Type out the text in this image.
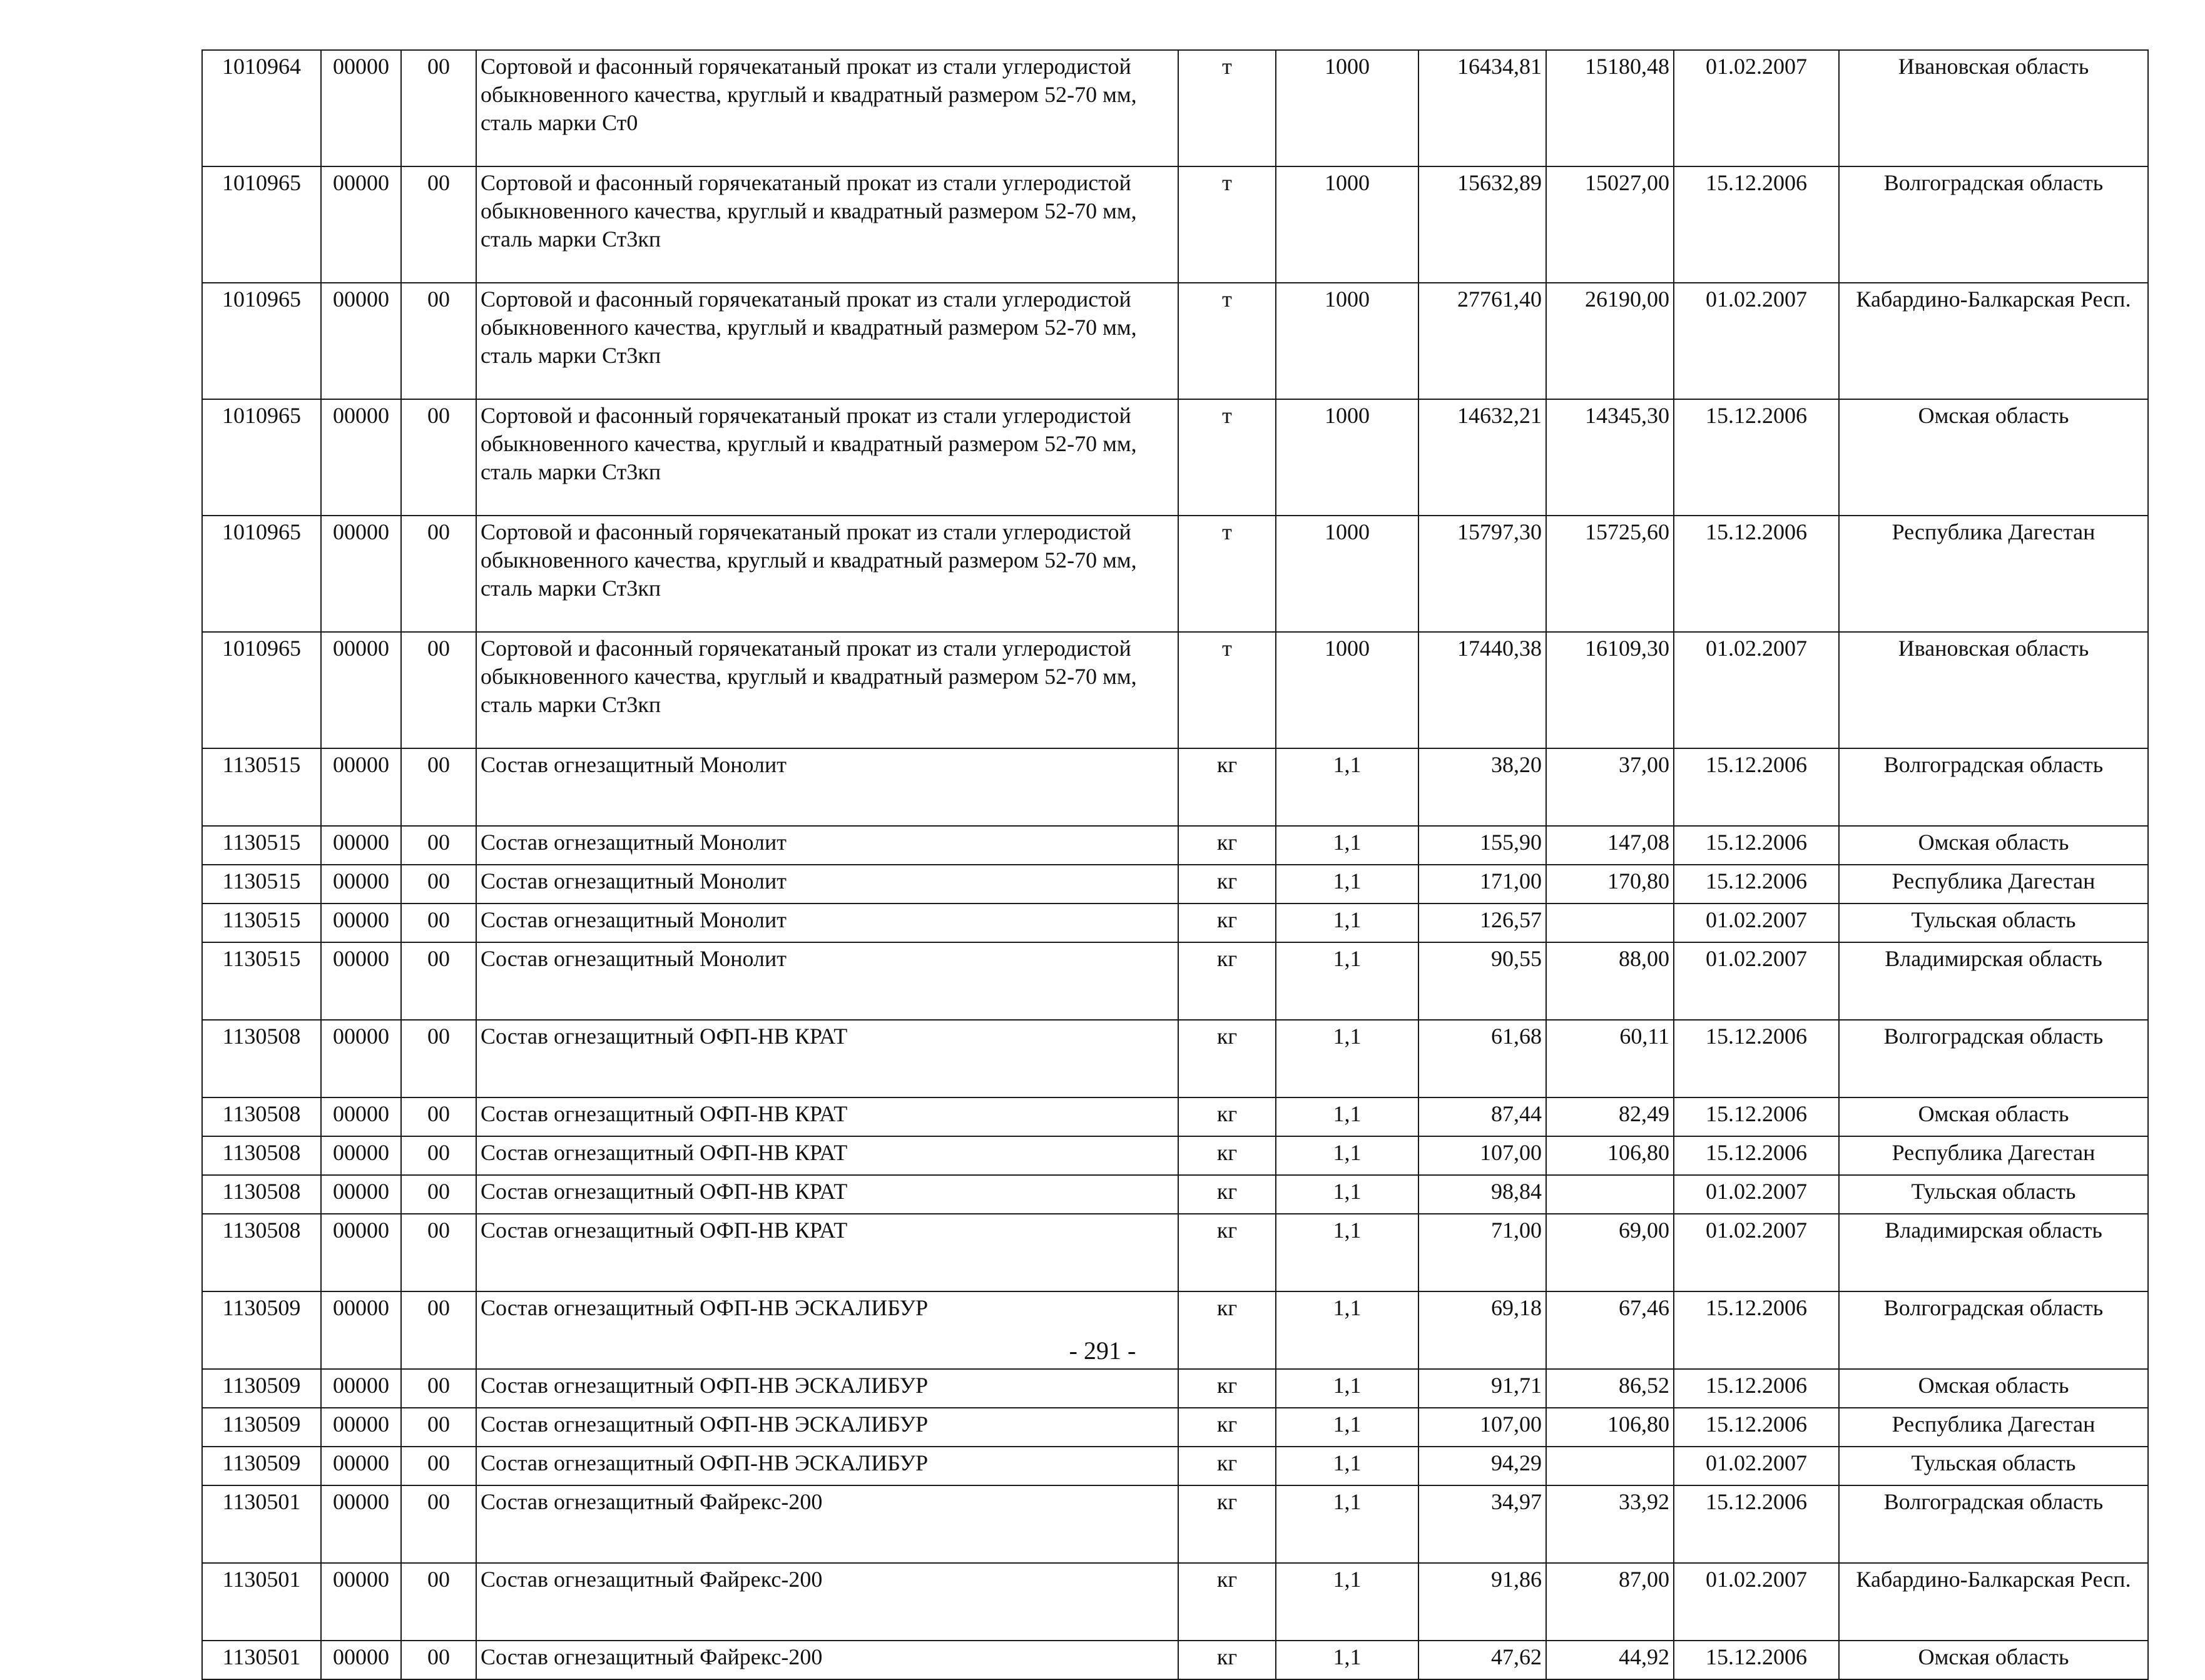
1010964	00000	00	Сортовой и фасонный горячекатаный прокат из стали углеродистой обыкновенного качества, круглый и квадратный размером 52-70 мм, сталь марки Ст0	т	1000	16434,81	15180,48	01.02.2007	Ивановская область
1010965	00000	00	Сортовой и фасонный горячекатаный прокат из стали углеродистой обыкновенного качества, круглый и квадратный размером 52-70 мм, сталь марки Ст3кп	т	1000	15632,89	15027,00	15.12.2006	Волгоградская область
1010965	00000	00	Сортовой и фасонный горячекатаный прокат из стали углеродистой обыкновенного качества, круглый и квадратный размером 52-70 мм, сталь марки Ст3кп	т	1000	27761,40	26190,00	01.02.2007	Кабардино-Балкарская Респ.
1010965	00000	00	Сортовой и фасонный горячекатаный прокат из стали углеродистой обыкновенного качества, круглый и квадратный размером 52-70 мм, сталь марки Ст3кп	т	1000	14632,21	14345,30	15.12.2006	Омская область
1010965	00000	00	Сортовой и фасонный горячекатаный прокат из стали углеродистой обыкновенного качества, круглый и квадратный размером 52-70 мм, сталь марки Ст3кп	т	1000	15797,30	15725,60	15.12.2006	Республика Дагестан
1010965	00000	00	Сортовой и фасонный горячекатаный прокат из стали углеродистой обыкновенного качества, круглый и квадратный размером 52-70 мм, сталь марки Ст3кп	т	1000	17440,38	16109,30	01.02.2007	Ивановская область
1130515	00000	00	Состав огнезащитный Монолит	кг	1,1	38,20	37,00	15.12.2006	Волгоградская область
1130515	00000	00	Состав огнезащитный Монолит	кг	1,1	155,90	147,08	15.12.2006	Омская область
1130515	00000	00	Состав огнезащитный Монолит	кг	1,1	171,00	170,80	15.12.2006	Республика Дагестан
1130515	00000	00	Состав огнезащитный Монолит	кг	1,1	126,57		01.02.2007	Тульская область
1130515	00000	00	Состав огнезащитный Монолит	кг	1,1	90,55	88,00	01.02.2007	Владимирская область
1130508	00000	00	Состав огнезащитный ОФП-НВ КРАТ	кг	1,1	61,68	60,11	15.12.2006	Волгоградская область
1130508	00000	00	Состав огнезащитный ОФП-НВ КРАТ	кг	1,1	87,44	82,49	15.12.2006	Омская область
1130508	00000	00	Состав огнезащитный ОФП-НВ КРАТ	кг	1,1	107,00	106,80	15.12.2006	Республика Дагестан
1130508	00000	00	Состав огнезащитный ОФП-НВ КРАТ	кг	1,1	98,84		01.02.2007	Тульская область
1130508	00000	00	Состав огнезащитный ОФП-НВ КРАТ	кг	1,1	71,00	69,00	01.02.2007	Владимирская область
1130509	00000	00	Состав огнезащитный ОФП-НВ ЭСКАЛИБУР	кг	1,1	69,18	67,46	15.12.2006	Волгоградская область
1130509	00000	00	Состав огнезащитный ОФП-НВ ЭСКАЛИБУР	кг	1,1	91,71	86,52	15.12.2006	Омская область
1130509	00000	00	Состав огнезащитный ОФП-НВ ЭСКАЛИБУР	кг	1,1	107,00	106,80	15.12.2006	Республика Дагестан
1130509	00000	00	Состав огнезащитный ОФП-НВ ЭСКАЛИБУР	кг	1,1	94,29		01.02.2007	Тульская область
1130501	00000	00	Состав огнезащитный Файрекс-200	кг	1,1	34,97	33,92	15.12.2006	Волгоградская область
1130501	00000	00	Состав огнезащитный Файрекс-200	кг	1,1	91,86	87,00	01.02.2007	Кабардино-Балкарская Респ.
1130501	00000	00	Состав огнезащитный Файрекс-200	кг	1,1	47,62	44,92	15.12.2006	Омская область
- 291 -
